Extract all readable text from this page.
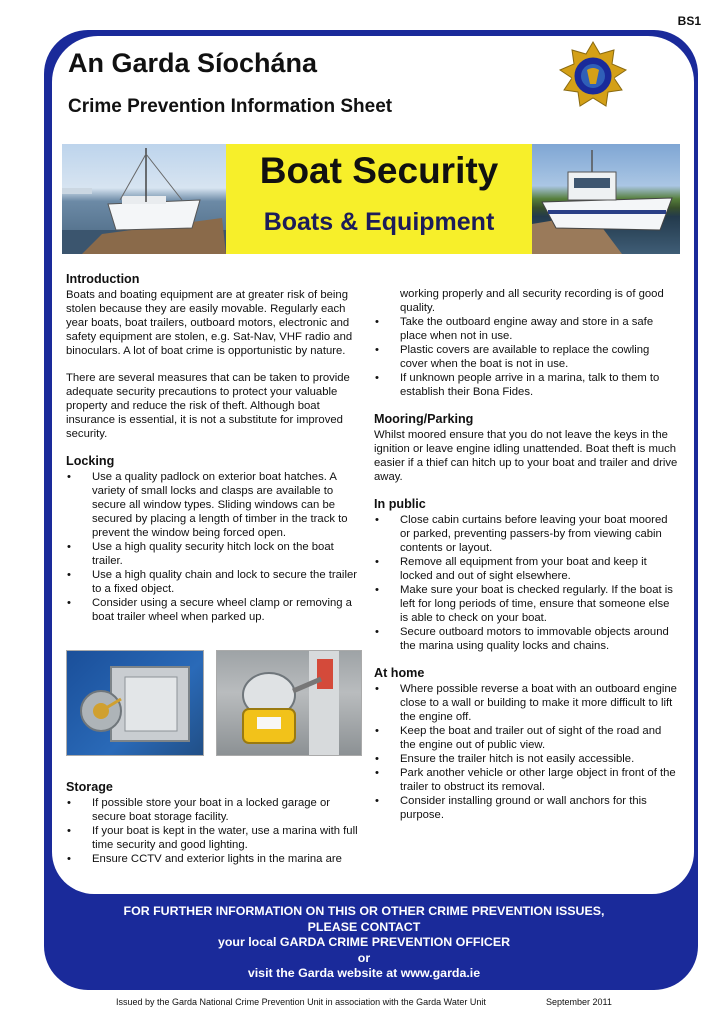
BS1
An Garda Síochána
Crime Prevention Information Sheet
Boat Security
Boats & Equipment
Introduction

Boats and boating equipment are at greater risk of being stolen because they are easily movable. Regularly each year boats, boat trailers, outboard motors, electronic and safety equipment are stolen, e.g. Sat-Nav, VHF radio and binoculars. A lot of boat crime is opportunistic by nature.

There are several measures that can be taken to provide adequate security precautions to protect your valuable property and reduce the risk of theft. Although boat insurance is essential, it is not a substitute for improved security.

Locking
• Use a quality padlock on exterior boat hatches. A variety of small locks and clasps are available to secure all window types. Sliding windows can be secured by placing a length of timber in the track to prevent the window being forced open.
• Use a high quality security hitch lock on the boat trailer.
• Use a high quality chain and lock to secure the trailer to a fixed object.
• Consider using a secure wheel clamp or removing a boat trailer wheel when parked up.
Storage
• If possible store your boat in a locked garage or secure boat storage facility.
• If your boat is kept in the water, use a marina with full time security and good lighting.
• Ensure CCTV and exterior lights in the marina are

working properly and all security recording is of good quality.

• Take the outboard engine away and store in a safe place when not in use.
• Plastic covers are available to replace the cowling cover when the boat is not in use.
• If unknown people arrive in a marina, talk to them to establish their Bona Fides.
Mooring/Parking

Whilst moored ensure that you do not leave the keys in the ignition or leave engine idling unattended. Boat theft is much easier if a thief can hitch up to your boat and trailer and drive away.

In public
• Close cabin curtains before leaving your boat moored or parked, preventing passers-by from viewing cabin contents or layout.
• Remove all equipment from your boat and keep it locked and out of sight elsewhere.
• Make sure your boat is checked regularly. If the boat is left for long periods of time, ensure that someone else is able to check on your boat.
• Secure outboard motors to immovable objects around the marina using quality locks and chains.
At home
• Where possible reverse a boat with an outboard engine close to a wall or building to make it more difficult to lift the engine off.
• Keep the boat and trailer out of sight of the road and the engine out of public view.
• Ensure the trailer hitch is not easily accessible.
• Park another vehicle or other large object in front of the trailer to obstruct its removal.
• Consider installing ground or wall anchors for this purpose.
FOR FURTHER INFORMATION ON THIS OR OTHER CRIME PREVENTION ISSUES,
PLEASE CONTACT
your local GARDA CRIME PREVENTION OFFICER
or
visit the Garda website at www.garda.ie
Issued by the Garda National Crime Prevention Unit in association with the Garda Water Unit	September 2011
